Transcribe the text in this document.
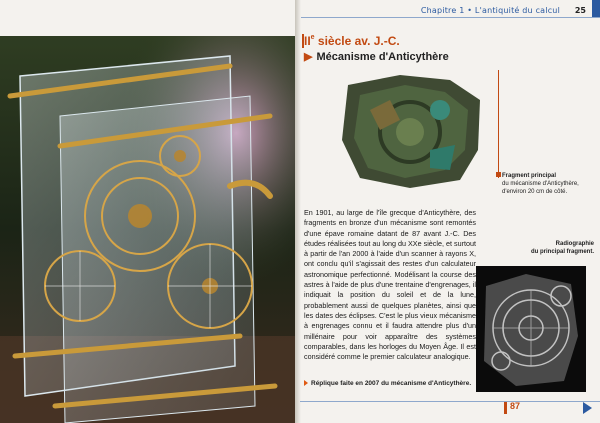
Chapitre 1 • L'antiquité du calcul 25
IIe siècle av. J.-C.
▶ Mécanisme d'Anticythère
Fragment principal
du mécanisme d'Anticythère, d'environ 20 cm de côté.

En 1901, au large de l'île grecque d'Anticythère, des fragments en bronze d'un mécanisme sont remontés d'une épave romaine datant de 87 avant J.-C. Des études réalisées tout au long du XXe siècle, et surtout à partir de l'an 2000 à l'aide d'un scanner à rayons X, ont conclu qu'il s'agissait des restes d'un calculateur astronomique perfectionné. Modélisant la course des astres à l'aide de plus d'une trentaine d'engrenages, il indiquait la position du soleil et de la lune, probablement aussi de quelques planètes, ainsi que les dates des éclipses. C'est le plus vieux mécanisme à engrenages connu et il faudra attendre plus d'un millénaire pour voir apparaître des systèmes comparables, dans les horloges du Moyen Âge. Il est considéré comme le premier calculateur analogique.

Radiographie
du principal fragment.
Réplique faite en 2007 du mécanisme d'Anticythère.
87
